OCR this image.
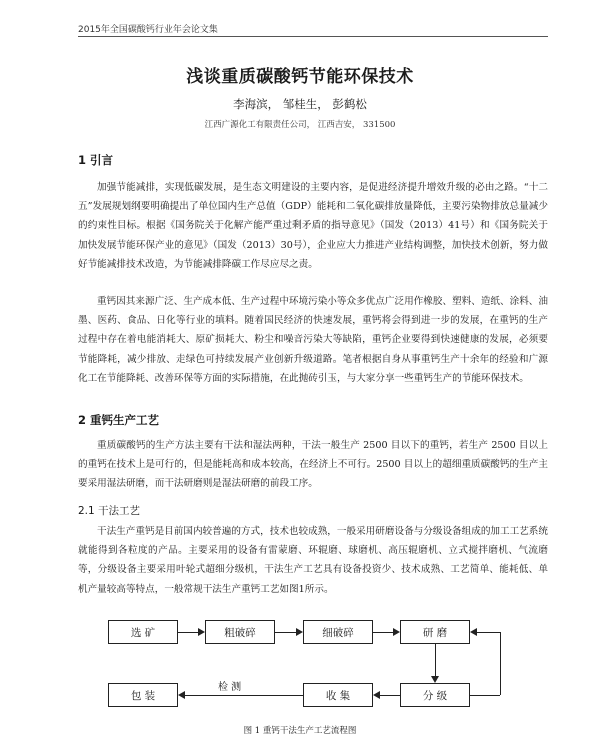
2015年全国碳酸钙行业年会论文集
浅谈重质碳酸钙节能环保技术
李海滨， 邹桂生， 彭鹤松
江西广源化工有限责任公司， 江西吉安， 331500
1 引言

加强节能减排，实现低碳发展，是生态文明建设的主要内容，是促进经济提升增效升级的必由之路。“十二五”发展规划纲要明确提出了单位国内生产总值（GDP）能耗和二氧化碳排放量降低，主要污染物排放总量减少的约束性目标。根据《国务院关于化解产能严重过剩矛盾的指导意见》（国发（2013）41号）和《国务院关于加快发展节能环保产业的意见》（国发（2013）30号），企业应大力推进产业结构调整，加快技术创新，努力做好节能减排技术改造，为节能减排降碳工作尽应尽之责。

重钙因其来源广泛、生产成本低、生产过程中环境污染小等众多优点广泛用作橡胶、塑料、造纸、涂料、油墨、医药、食品、日化等行业的填料。随着国民经济的快速发展，重钙将会得到进一步的发展，在重钙的生产过程中存在着电能消耗大、原矿损耗大、粉尘和噪音污染大等缺陷，重钙企业要得到快速健康的发展，必须要节能降耗，减少排放、走绿色可持续发展产业创新升级道路。笔者根据自身从事重钙生产十余年的经验和广源化工在节能降耗、改善环保等方面的实际措施，在此抛砖引玉，与大家分享一些重钙生产的节能环保技术。

2 重钙生产工艺

重质碳酸钙的生产方法主要有干法和湿法两种，干法一般生产 2500 目以下的重钙，若生产 2500 目以上的重钙在技术上是可行的，但是能耗高和成本较高，在经济上不可行。2500 目以上的超细重质碳酸钙的生产主要采用湿法研磨，而干法研磨则是湿法研磨的前段工序。

2.1 干法工艺

干法生产重钙是目前国内较普遍的方式，技术也较成熟，一般采用研磨设备与分级设备组成的加工工艺系统就能得到各粒度的产品。主要采用的设备有雷蒙磨、环辊磨、球磨机、高压辊磨机、立式搅拌磨机、气流磨等，分级设备主要采用叶轮式超细分级机，干法生产工艺具有设备投资少、技术成熟、工艺简单、能耗低、单机产量较高等特点，一般常规干法生产重钙工艺如图1所示。

选 矿	粗破碎	细破碎	研 磨
包 装	收 集	分 级
检 测
图 1 重钙干法生产工艺流程图
